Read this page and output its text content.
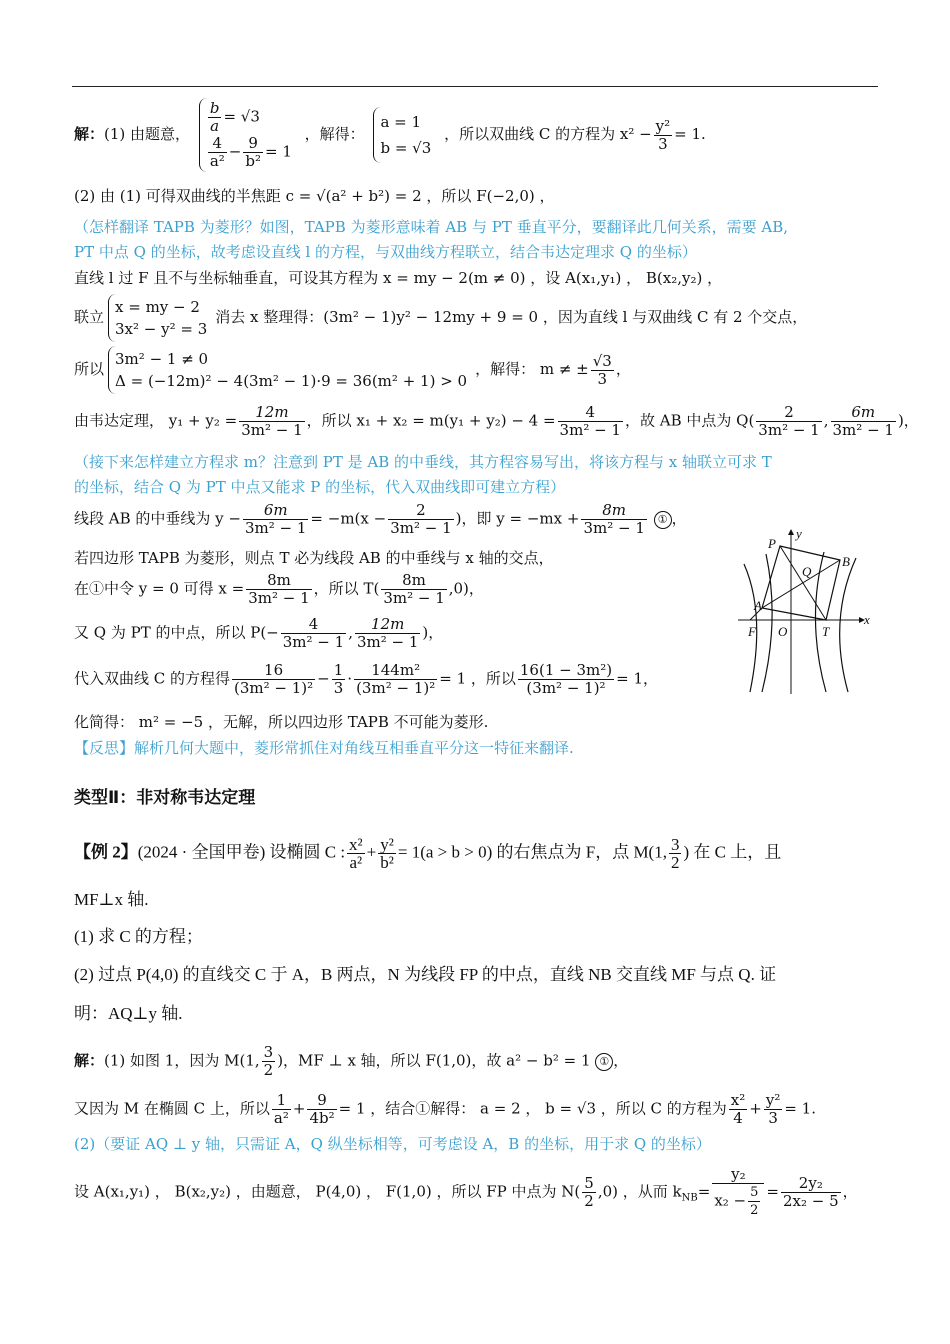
解：(1) 由题意， $\frac{b}{a} = √3$
$\frac{4}{\text{a²}} - \frac{9}{\text{b²}} = 1$
，解得：
a = 1
b = √3
，所以双曲线 C 的方程为 $x^2 - \frac{\text{y²}}{3} = 1$.
(2) 由 (1) 可得双曲线的半焦距 c = √(a² + b²) = 2 ，所以 F(−2,0) ，
（怎样翻译 TAPB 为菱形？如图，TAPB 为菱形意味着 AB 与 PT 垂直平分，要翻译此几何关系，需要 AB,
PT 中点 Q 的坐标，故考虑设直线 l 的方程，与双曲线方程联立，结合韦达定理求 Q 的坐标）
直线 l 过 F 且不与坐标轴垂直，可设其方程为 x = my − 2(m ≠ 0) ，设 A(x₁,y₁) ， B(x₂,y₂) ，
联立
x = my − 2
3x² − y² = 3
消去 x 整理得：(3m² − 1)y² − 12my + 9 = 0 ，因为直线 l 与双曲线 C 有 2 个交点，
所以
3m² − 1 ≠ 0
Δ = (−12m)² − 4(3m² − 1)·9 = 36(m² + 1) > 0
，解得： m ≠ ± $\frac{√3}{3}$ ，
由韦达定理， $y_1 + y_2 = \frac{12m}{\text{3m² − 1}}$ ，所以 $x_1 + x_2 = m(y_1 + y_2) - 4 = \frac{4}{\text{3m² − 1}}$ ，故 AB 中点为 $Q( \frac{2}{\text{3m² − 1}}$ , $\frac{6m}{\text{3m² − 1}}$ )，
（接下来怎样建立方程求 m？注意到 PT 是 AB 的中垂线，其方程容易写出，将该方程与 x 轴联立可求 T
的坐标，结合 Q 为 PT 中点又能求 P 的坐标，代入双曲线即可建立方程）
线段 AB 的中垂线为 $y - \frac{6m}{\text{3m² − 1}} = -m(x - \frac{2}{\text{3m² − 1}}$ )，即 $y = -mx + \frac{8m}{\text{3m² − 1}}$ ① ，
若四边形 TAPB 为菱形，则点 T 必为线段 AB 的中垂线与 x 轴的交点，
在①中令 y = 0 可得 $x = \frac{8m}{\text{3m² − 1}}$ ，所以 $T( \frac{8m}{\text{3m² − 1}} ,0)$，
又 Q 为 PT 的中点，所以 $P(- \frac{4}{\text{3m² − 1}}$ , $\frac{12m}{\text{3m² − 1}}$ )，
代入双曲线 C 的方程得 $\frac{16}{\text{(3m² − 1)²}} - \frac{1}{3} \cdot \frac{\text{144m²}}{\text{(3m² − 1)²}} = 1$ ，所以 $\frac{\text{16(1 − 3m²)}}{\text{(3m² − 1)²}} = 1$，
化简得： m² = −5 ，无解，所以四边形 TAPB 不可能为菱形.
【反思】解析几何大题中，菱形常抓住对角线互相垂直平分这一特征来翻译.
类型Ⅱ：非对称韦达定理
【例 2】(2024 · 全国甲卷) 设椭圆 C : $\frac{\text{x²}}{\text{a²}} + \frac{\text{y²}}{\text{b²}} = 1(a > b > 0)$ 的右焦点为 F，点 M(1, $\frac{3}{2}$ ) 在 C 上，且
MF⊥x 轴.
(1) 求 C 的方程；
(2) 过点 P(4,0) 的直线交 C 于 A，B 两点，N 为线段 FP 的中点，直线 NB 交直线 MF 与点 Q. 证
明：AQ⊥y 轴.
解：(1) 如图 1，因为 M(1, $\frac{3}{2}$ )，MF ⊥ x 轴，所以 F(1,0)，故 a² − b² = 1 ① ，
又因为 M 在椭圆 C 上，所以 $\frac{1}{\text{a²}} + \frac{9}{\text{4b²}} = 1$ ，结合①解得： a = 2 ， b = √3 ，所以 C 的方程为 $\frac{\text{x²}}{4} + \frac{\text{y²}}{3} = 1$.
(2)（要证 AQ ⊥ y 轴，只需证 A，Q 纵坐标相等，可考虑设 A，B 的坐标，用于求 Q 的坐标）
设 A(x₁,y₁) ， B(x₂,y₂) ，由题意， P(4,0) ， F(1,0) ，所以 FP 中点为 $N( \frac{5}{2} ,0)$ ，从而 $k_{NB}= \frac{\text{y₂}}{x_2 - \frac{5}{2}} = \frac{\text{2y₂}}{\text{2x₂ − 5}}$ ，
P
y
B
Q
A
x
F O	T
